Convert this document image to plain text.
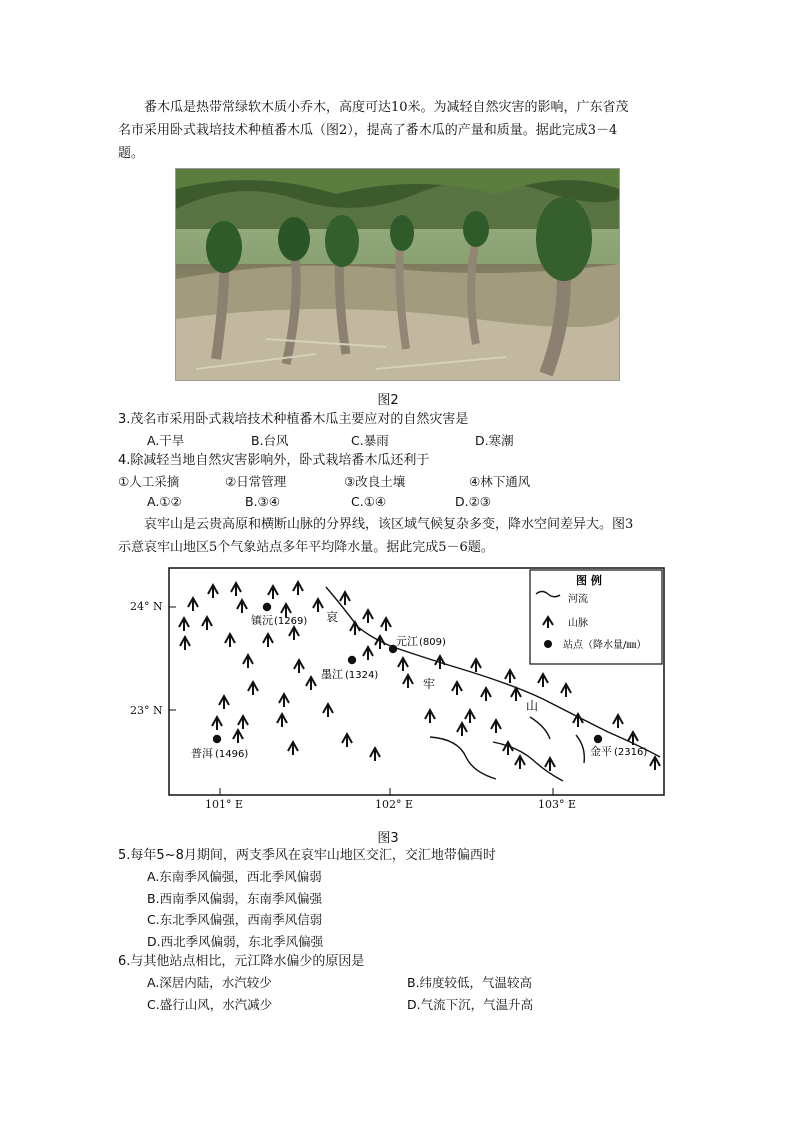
番木瓜是热带常绿软木质小乔木，高度可达10米。为减轻自然灾害的影响，广东省茂
名市采用卧式栽培技术种植番木瓜（图2），提高了番木瓜的产量和质量。据此完成3－4
题。
图2
3.茂名市采用卧式栽培技术种植番木瓜主要应对的自然灾害是
A.干旱	B.台风	C.暴雨	D.寒潮
4.除减轻当地自然灾害影响外，卧式栽培番木瓜还利于
①人工采摘	②日常管理	③改良土壤	④林下通风
A.①②	B.③④	C.①④	D.②③
哀牢山是云贵高原和横断山脉的分界线，该区域气候复杂多变，降水空间差异大。图3
示意哀牢山地区5个气象站点多年平均降水量。据此完成5－6题。
24° N
23° N
101° E	102° E	103° E
哀
牢
山
镇沅 (1269)
元江 (809)
墨江 (1324)
普洱 (1496)	金平 (2316)
图 例
河流
山脉
站点（降水量/㎜）
图3
5.每年5~8月期间，两支季风在哀牢山地区交汇，交汇地带偏西时
A.东南季风偏强，西北季风偏弱
B.西南季风偏弱，东南季风偏强
C.东北季风偏强，西南季风信弱
D.西北季风偏弱，东北季风偏强
6.与其他站点相比，元江降水偏少的原因是
A.深居内陆，水汽较少	B.纬度较低，气温较高
C.盛行山风，水汽减少	D.气流下沉，气温升高
